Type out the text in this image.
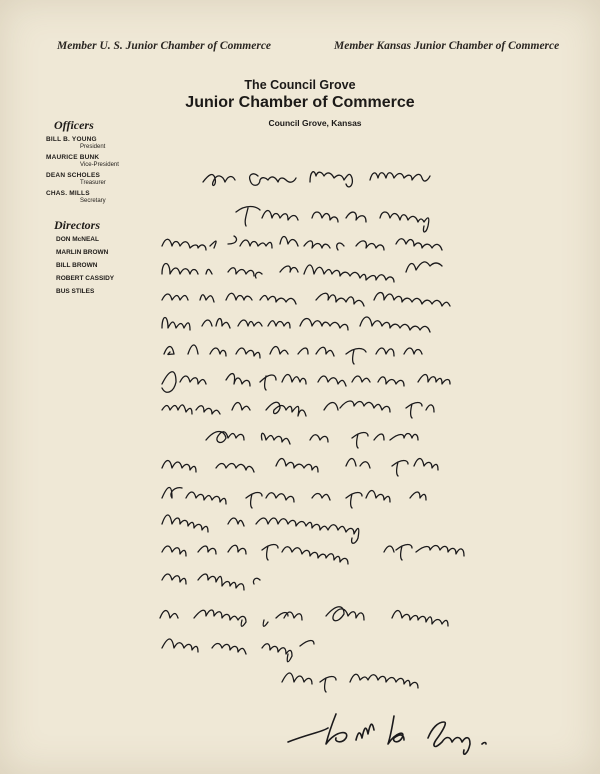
Member U. S. Junior Chamber of Commerce	Member Kansas Junior Chamber of Commerce
The Council Grove
Junior Chamber of Commerce
Council Grove, Kansas
Officers
BILL B. YOUNG
President
MAURICE BUNK
Vice-President
DEAN SCHOLES
Treasurer
CHAS. MILLS
Secretary
Directors
DON McNEAL
MARLIN BROWN
BILL BROWN
ROBERT CASSIDY
BUS STILES
